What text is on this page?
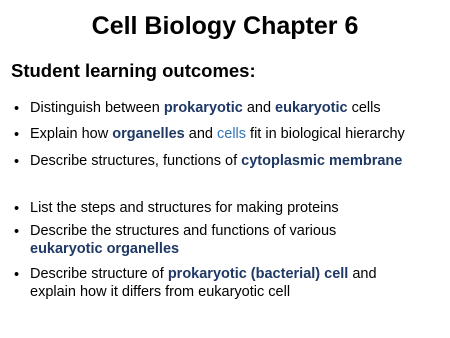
Cell Biology Chapter 6
Student learning outcomes:
• Distinguish between prokaryotic and eukaryotic cells
• Explain how organelles and cells fit in biological hierarchy
• Describe structures, functions of cytoplasmic membrane
• List the steps and structures for making proteins
• Describe the structures and functions of various
eukaryotic organelles
• Describe structure of prokaryotic (bacterial) cell and
explain how it differs from eukaryotic cell
